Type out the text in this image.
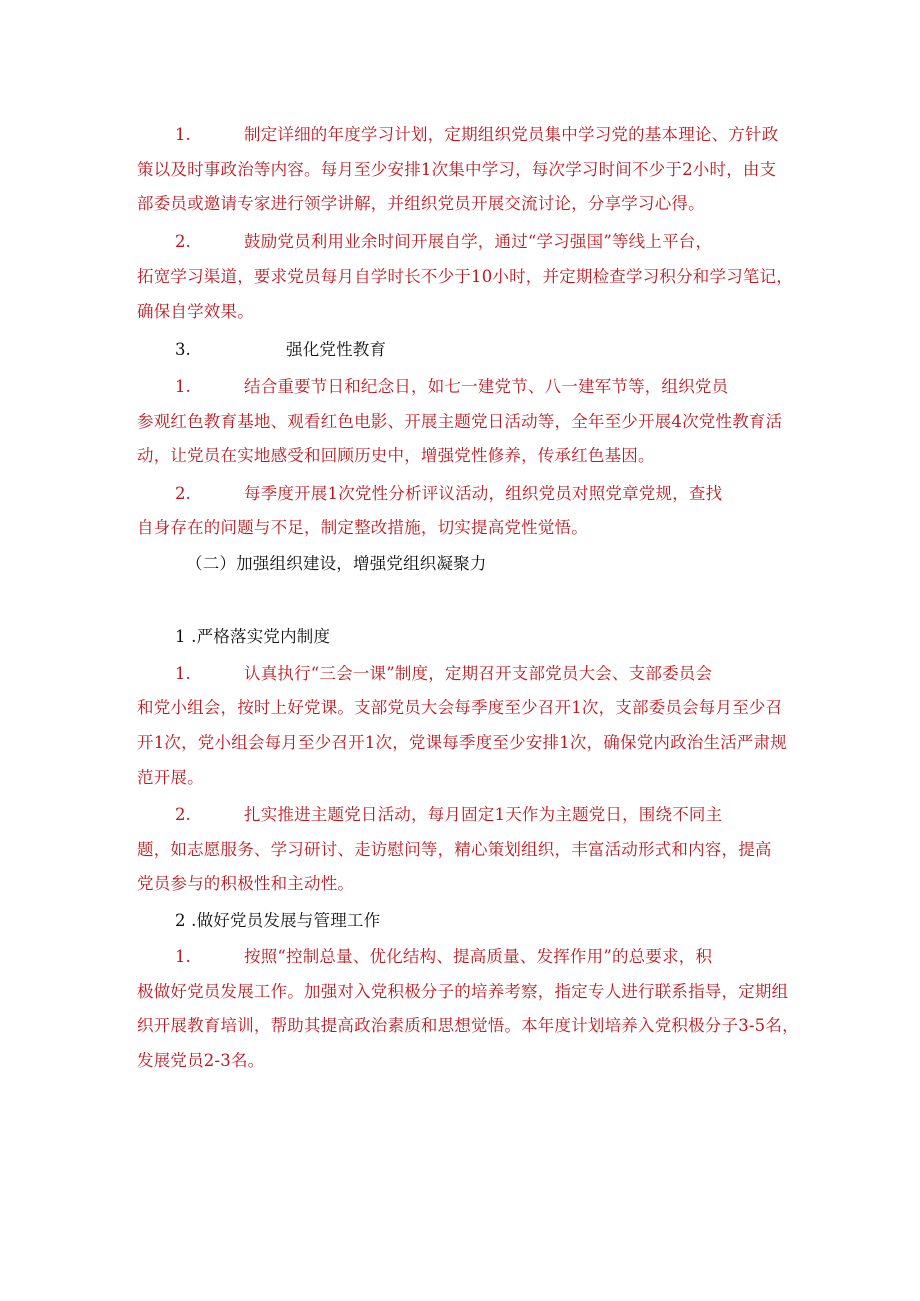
1.	制定详细的年度学习计划，定期组织党员集中学习党的基本理论、方针政
策以及时事政治等内容。每月至少安排1次集中学习，每次学习时间不少于2小时，由支
部委员或邀请专家进行领学讲解，并组织党员开展交流讨论，分享学习心得。
2.	鼓励党员利用业余时间开展自学，通过“学习强国”等线上平台，
拓宽学习渠道，要求党员每月自学时长不少于10小时，并定期检查学习积分和学习笔记，
确保自学效果。
3.	强化党性教育
1.	结合重要节日和纪念日，如七一建党节、八一建军节等，组织党员
参观红色教育基地、观看红色电影、开展主题党日活动等，全年至少开展4次党性教育活
动，让党员在实地感受和回顾历史中，增强党性修养，传承红色基因。
2.	每季度开展1次党性分析评议活动，组织党员对照党章党规，查找
自身存在的问题与不足，制定整改措施，切实提高党性觉悟。
（二）加强组织建设，增强党组织凝聚力
1 .严格落实党内制度
1.	认真执行“三会一课”制度，定期召开支部党员大会、支部委员会
和党小组会，按时上好党课。支部党员大会每季度至少召开1次，支部委员会每月至少召
开1次，党小组会每月至少召开1次，党课每季度至少安排1次，确保党内政治生活严肃规
范开展。
2.	扎实推进主题党日活动，每月固定1天作为主题党日，围绕不同主
题，如志愿服务、学习研讨、走访慰问等，精心策划组织，丰富活动形式和内容，提高
党员参与的积极性和主动性。
2 .做好党员发展与管理工作
1.	按照“控制总量、优化结构、提高质量、发挥作用”的总要求，积
极做好党员发展工作。加强对入党积极分子的培养考察，指定专人进行联系指导，定期组
织开展教育培训，帮助其提高政治素质和思想觉悟。本年度计划培养入党积极分子3-5名，
发展党员2-3名。
